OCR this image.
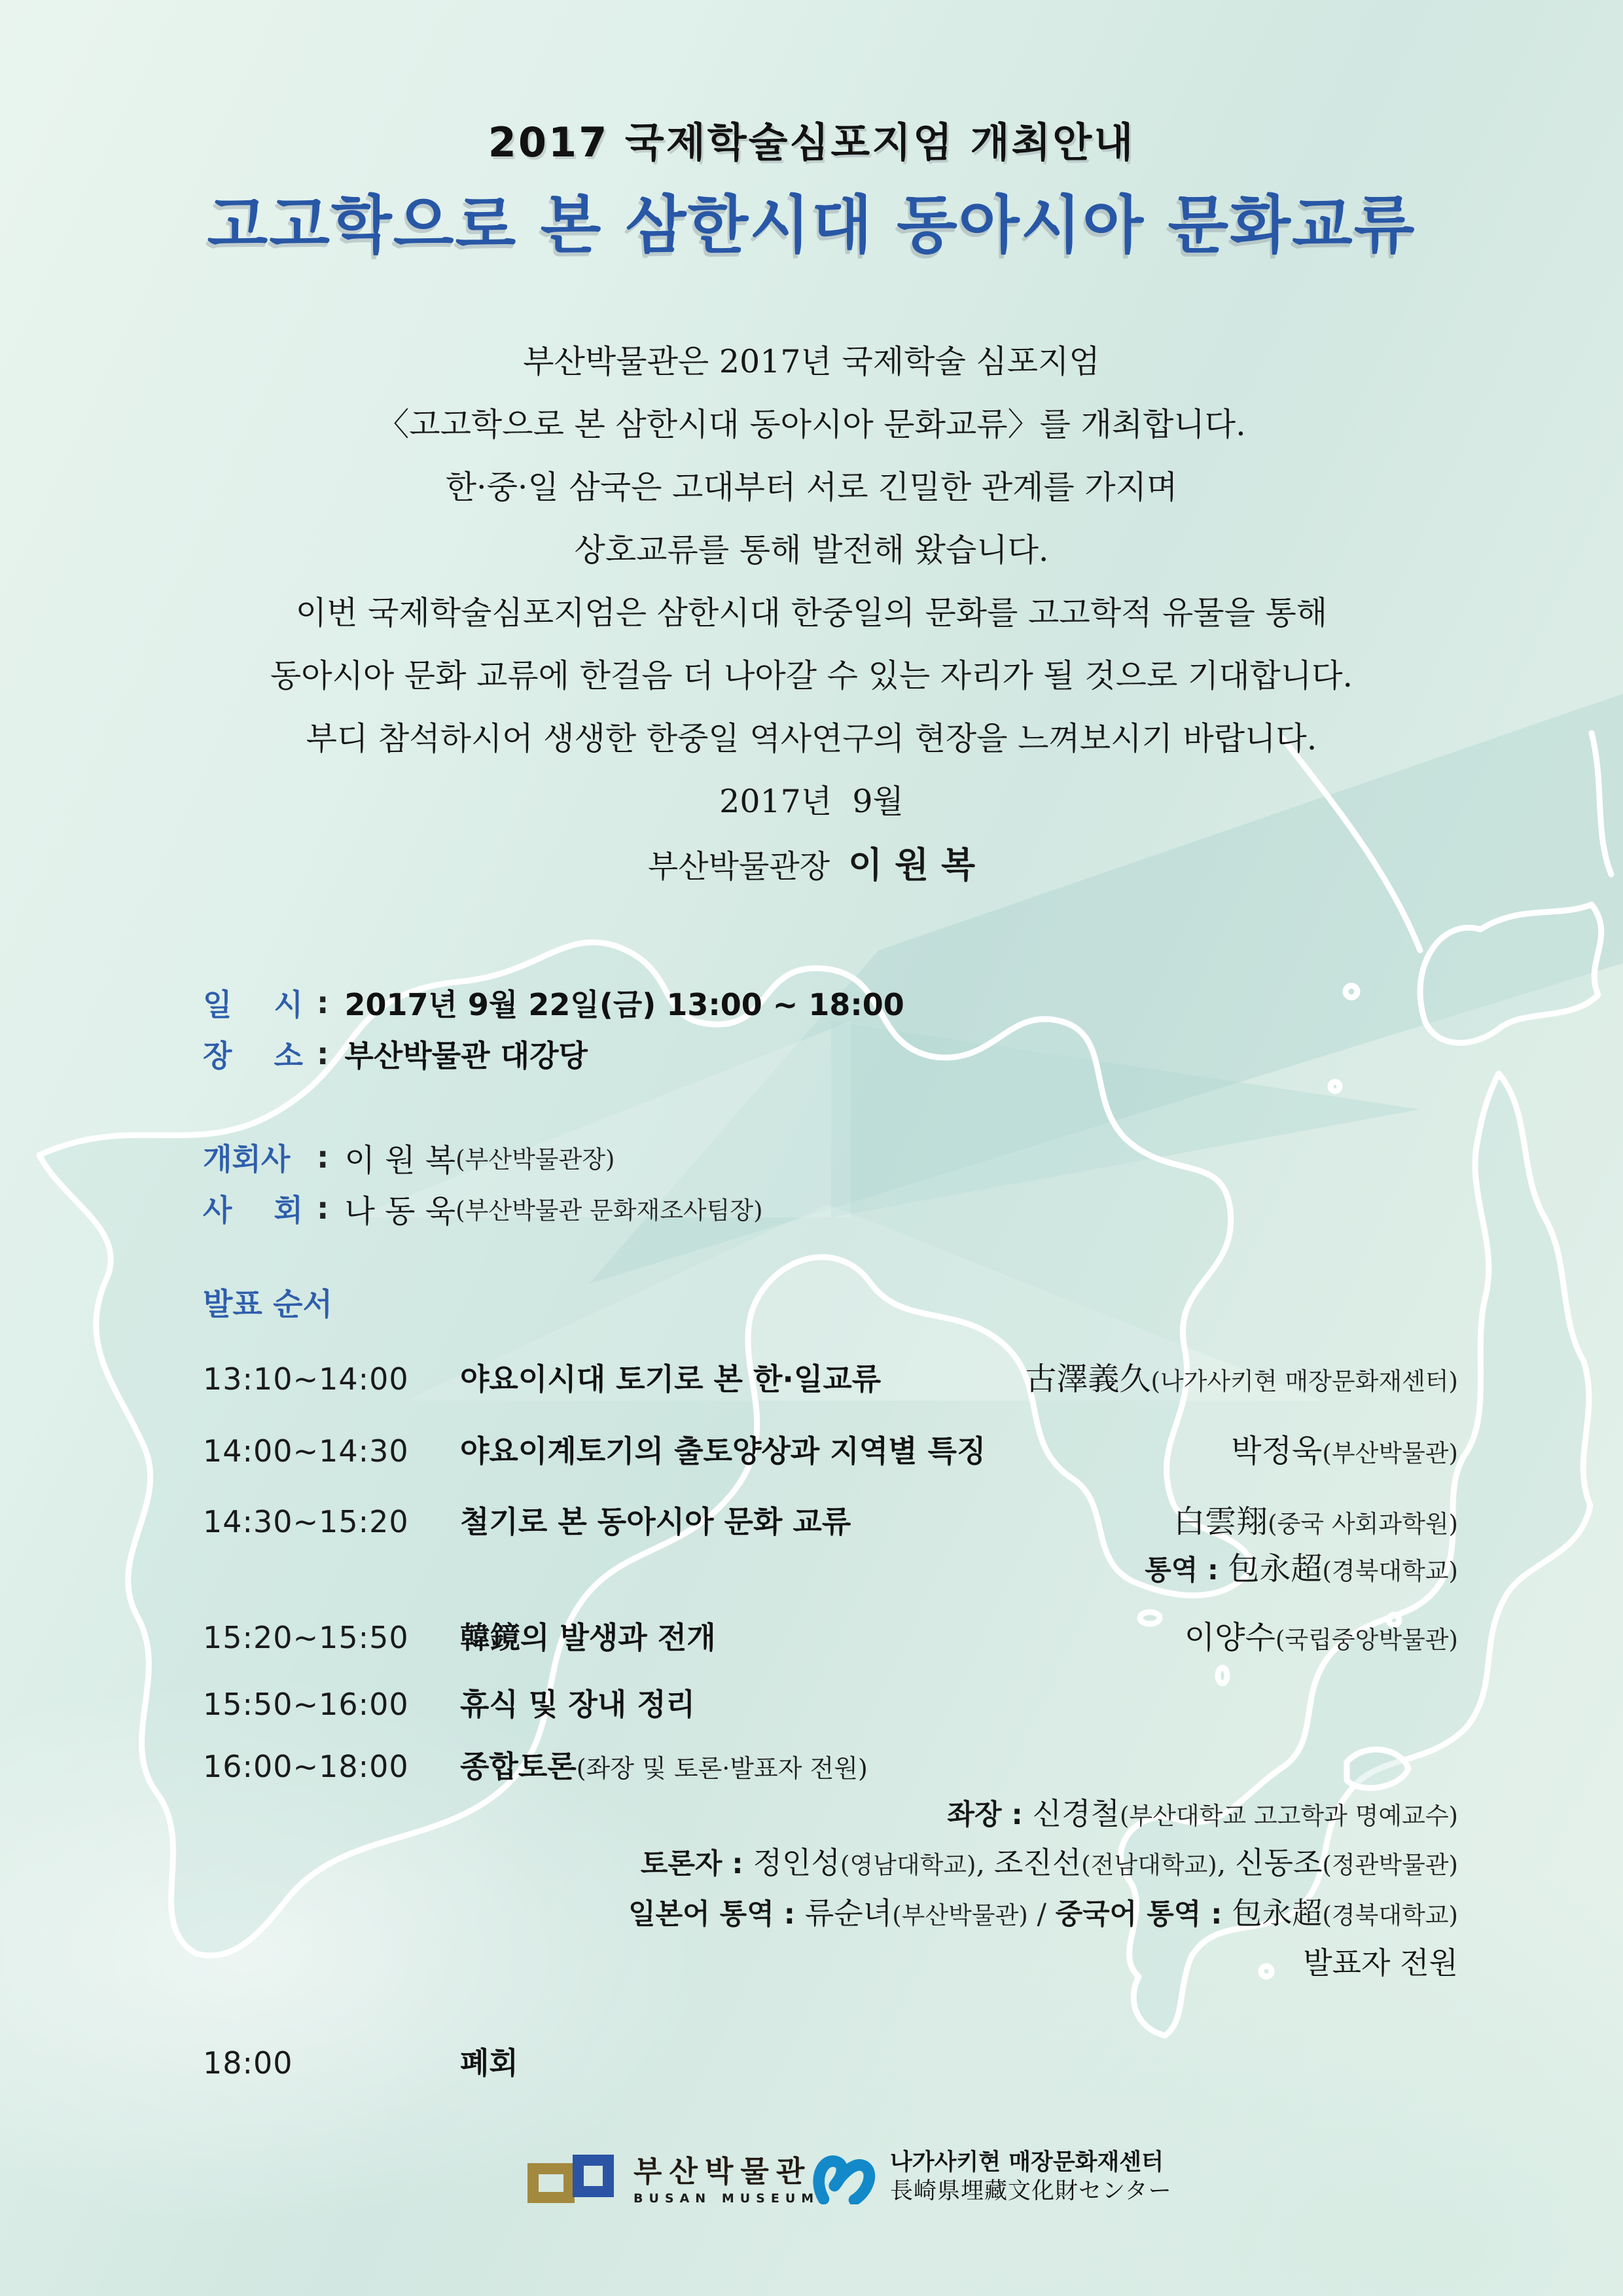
2017 국제학술심포지엄 개최안내
고고학으로 본 삼한시대 동아시아 문화교류

부산박물관은 2017년 국제학술 심포지엄

〈고고학으로 본 삼한시대 동아시아 문화교류〉를 개최합니다.

한·중·일 삼국은 고대부터 서로 긴밀한 관계를 가지며

상호교류를 통해 발전해 왔습니다.

이번 국제학술심포지엄은 삼한시대 한중일의 문화를 고고학적 유물을 통해

동아시아 문화 교류에 한걸음 더 나아갈 수 있는 자리가 될 것으로 기대합니다.

부디 참석하시어 생생한 한중일 역사연구의 현장을 느껴보시기 바랍니다.

2017년  9월

부산박물관장 이 원 복

일    시 : 2017년 9월 22일(금) 13:00 ~ 18:00
장    소 : 부산박물관 대강당
개회사 : 이 원 복 (부산박물관장)
사    회 : 나 동 욱 (부산박물관 문화재조사팀장)
발표 순서
13:10~14:00	야요이시대 토기로 본 한·일교류	古澤義久 (나가사키현 매장문화재센터)
14:00~14:30	야요이계토기의 출토양상과 지역별 특징	박정욱 (부산박물관)
14:30~15:20	철기로 본 동아시아 문화 교류	白雲翔 (중국 사회과학원)
통역 : 包永超(경북대학교)
15:20~15:50	韓鏡의 발생과 전개	이양수 (국립중앙박물관)
15:50~16:00	휴식 및 장내 정리
16:00~18:00	종합토론 (좌장 및 토론·발표자 전원)
좌장 : 신경철(부산대학교 고고학과 명예교수)
토론자 : 정인성(영남대학교), 조진선(전남대학교), 신동조(정관박물관)
일본어 통역 : 류순녀(부산박물관) / 중국어 통역 : 包永超(경북대학교)
발표자 전원
18:00	폐회
부산박물관
BUSAN MUSEUM
나가사키현 매장문화재센터
長崎県埋藏文化財センター
